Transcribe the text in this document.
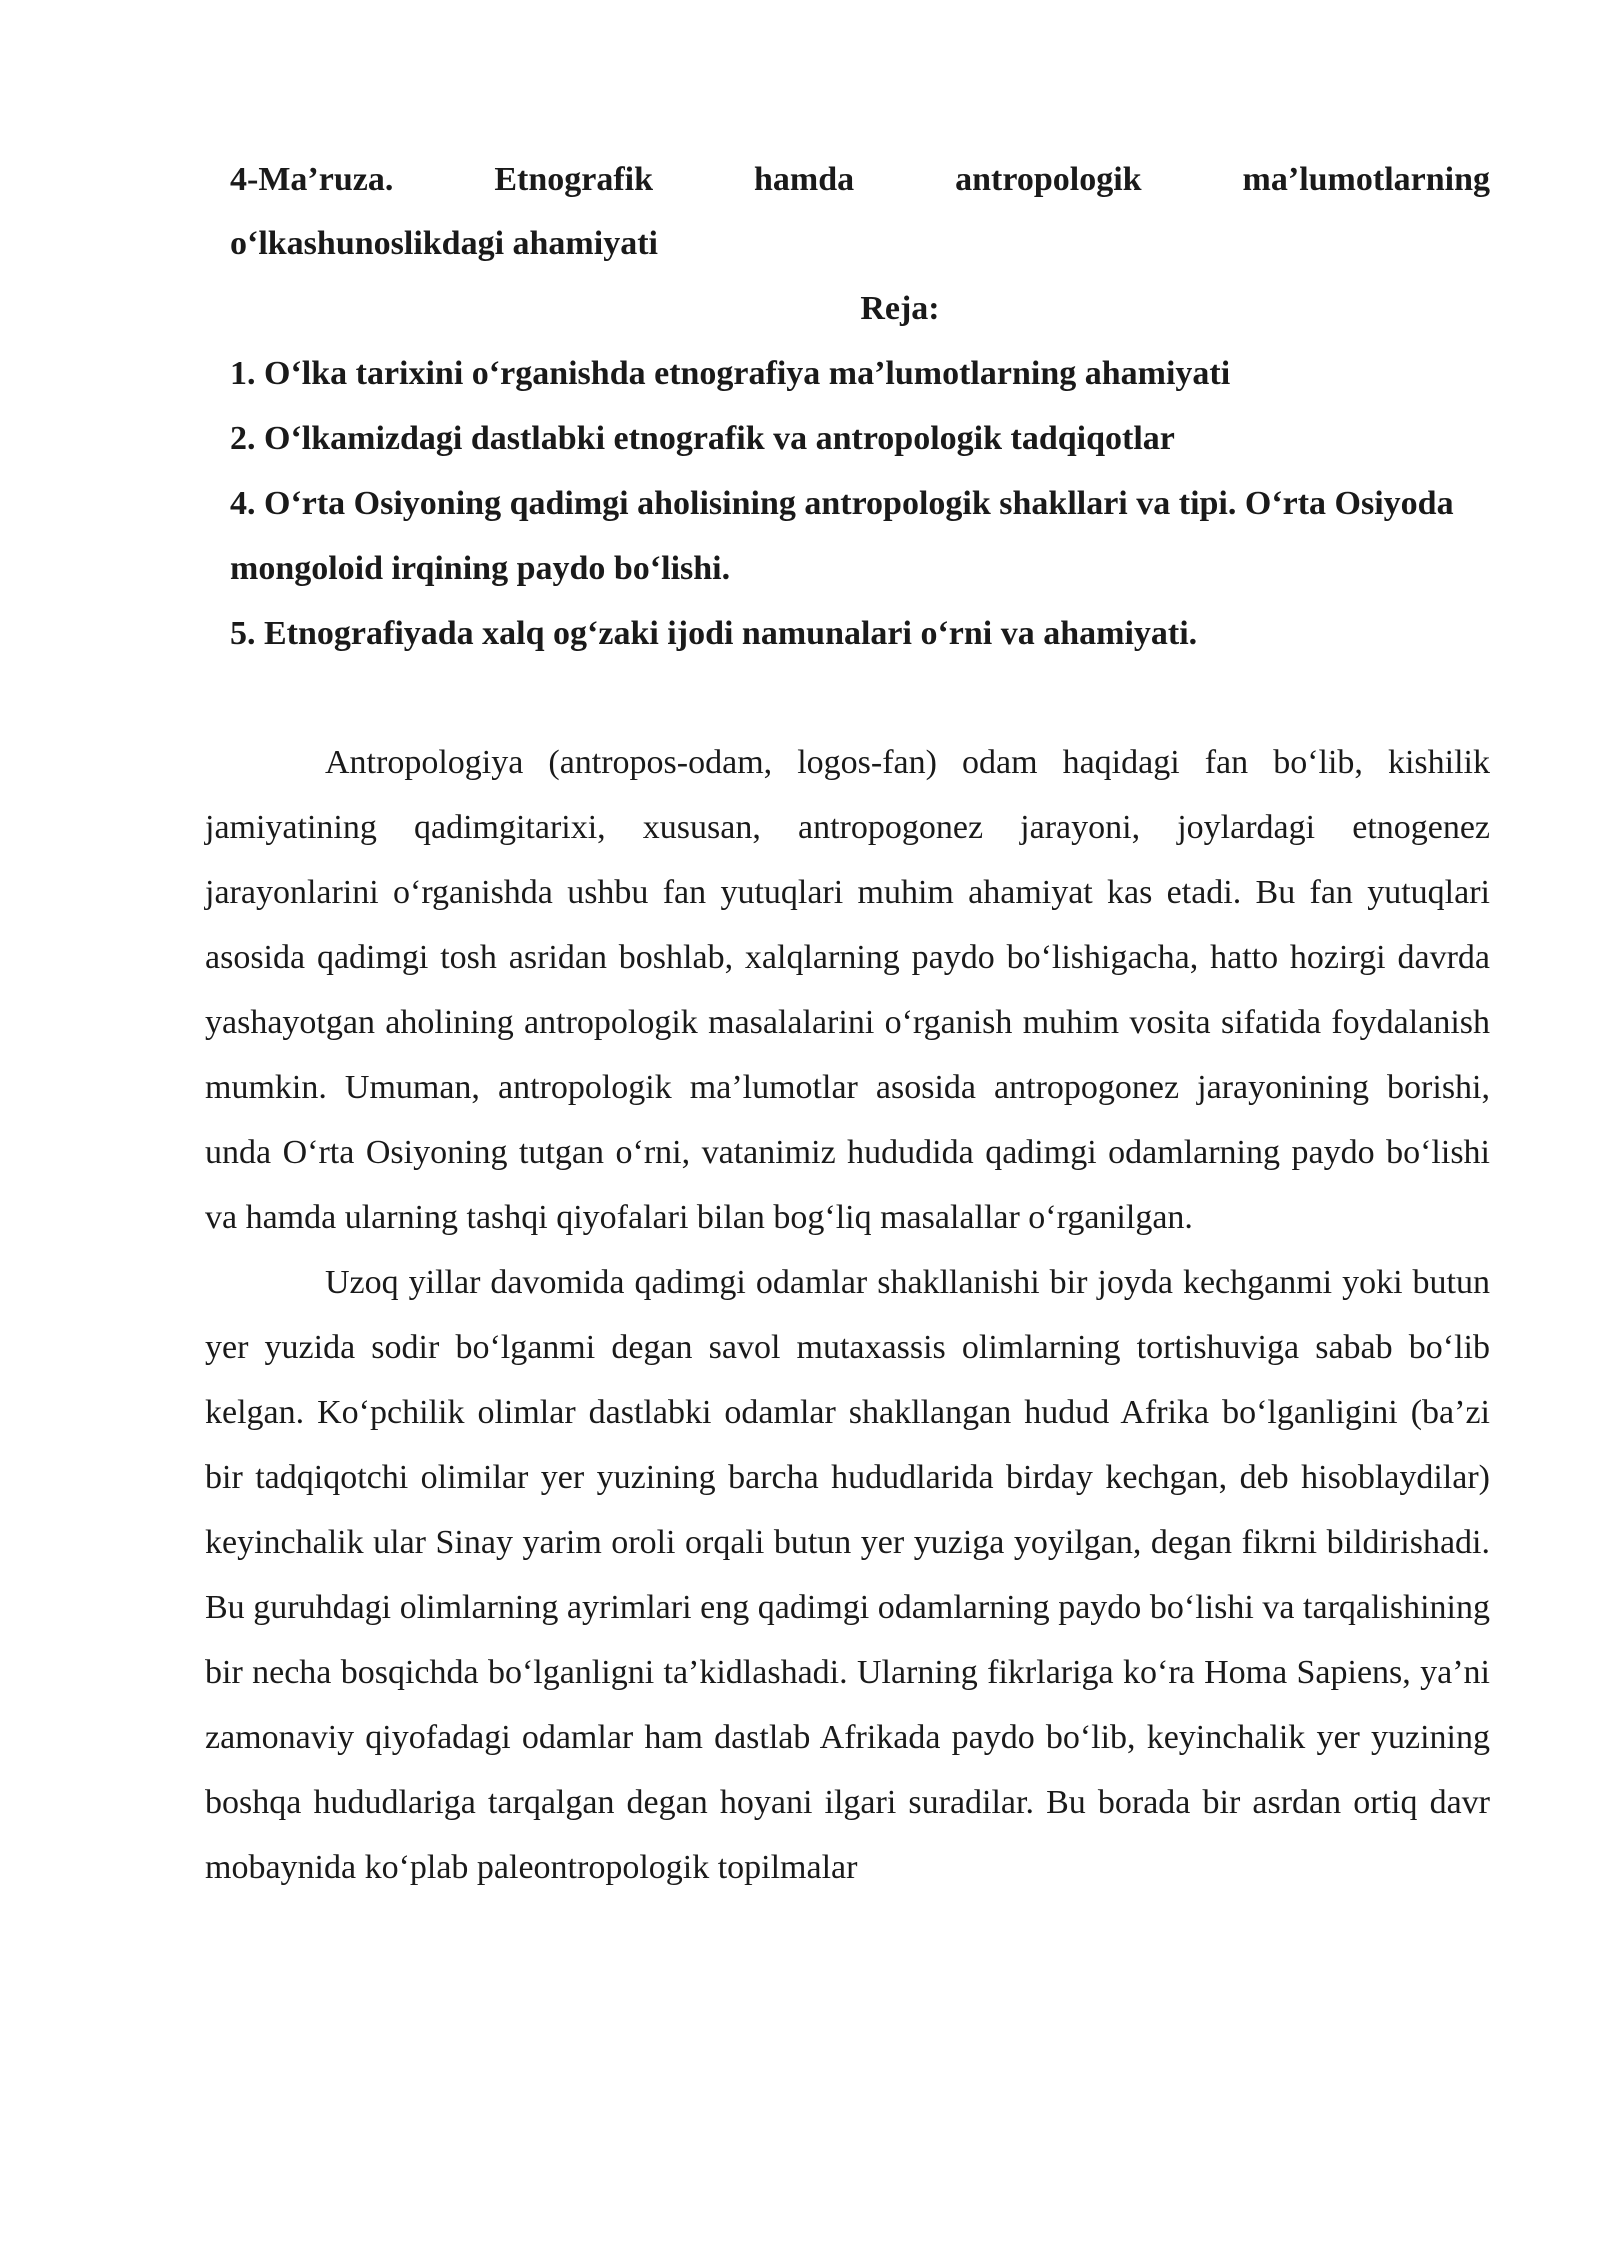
4-Ma’ruza. Etnografik hamda antropologik ma’lumotlarning
o‘lkashunoslikdagi ahamiyati
Reja:
1. O‘lka tarixini o‘rganishda etnografiya ma’lumotlarning ahamiyati
2. O‘lkamizdagi dastlabki etnografik va antropologik tadqiqotlar
4. O‘rta Osiyoning qadimgi aholisining antropologik shakllari va tipi. O‘rta Osiyoda mongoloid irqining paydo bo‘lishi.
5. Etnografiyada xalq og‘zaki ijodi namunalari o‘rni va ahamiyati.

Antropologiya (antropos-odam, logos-fan) odam haqidagi fan bo‘lib, kishilik jamiyatining qadimgitarixi, xususan, antropogonez jarayoni, joylardagi etnogenez jarayonlarini o‘rganishda ushbu fan yutuqlari muhim ahamiyat kas etadi. Bu fan yutuqlari asosida qadimgi tosh asridan boshlab, xalqlarning paydo bo‘lishigacha, hatto hozirgi davrda yashayotgan aholining antropologik masalalarini o‘rganish muhim vosita sifatida foydalanish mumkin. Umuman, antropologik ma’lumotlar asosida antropogonez jarayonining borishi, unda O‘rta Osiyoning tutgan o‘rni, vatanimiz hududida qadimgi odamlarning paydo bo‘lishi va hamda ularning tashqi qiyofalari bilan bog‘liq masalallar o‘rganilgan.

Uzoq yillar davomida qadimgi odamlar shakllanishi bir joyda kechganmi yoki butun yer yuzida sodir bo‘lganmi degan savol mutaxassis olimlarning tortishuviga sabab bo‘lib kelgan. Ko‘pchilik olimlar dastlabki odamlar shakllangan hudud Afrika bo‘lganligini (ba’zi bir tadqiqotchi olimilar yer yuzining barcha hududlarida birday kechgan, deb hisoblaydilar) keyinchalik ular Sinay yarim oroli orqali butun yer yuziga yoyilgan, degan fikrni bildirishadi. Bu guruhdagi olimlarning ayrimlari eng qadimgi odamlarning paydo bo‘lishi va tarqalishining bir necha bosqichda bo‘lganligni ta’kidlashadi. Ularning fikrlariga ko‘ra Homa Sapiens, ya’ni zamonaviy qiyofadagi odamlar ham dastlab Afrikada paydo bo‘lib, keyinchalik yer yuzining boshqa hududlariga tarqalgan degan hoyani ilgari suradilar. Bu borada bir asrdan ortiq davr mobaynida ko‘plab paleontropologik topilmalar
